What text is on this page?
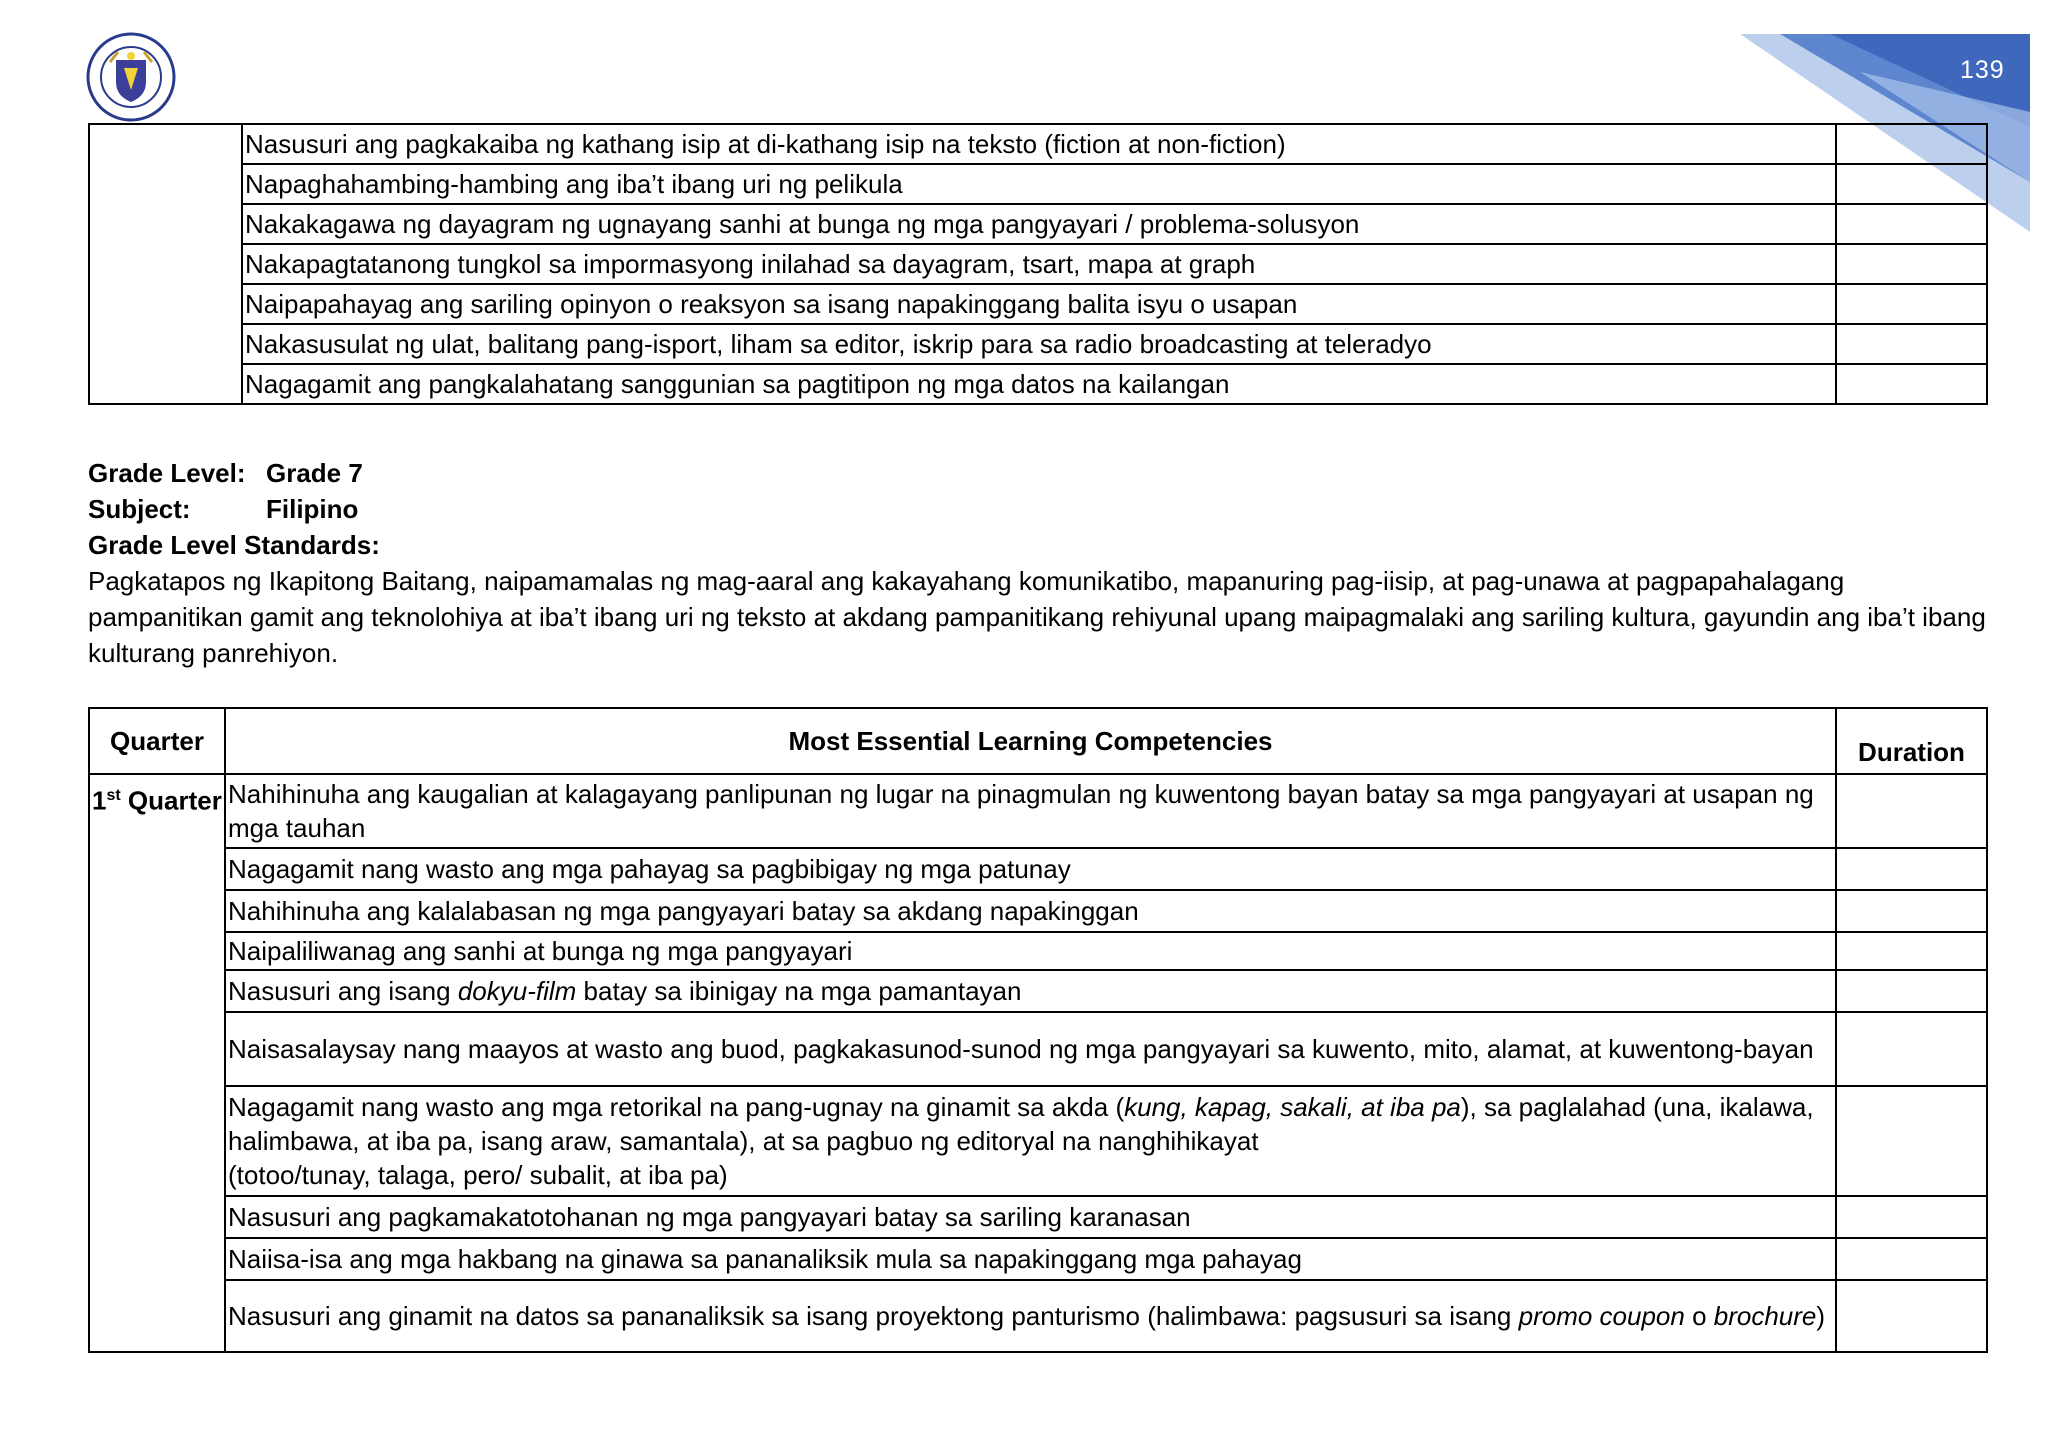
139
	Nasusuri ang pagkakaiba ng kathang isip at di-kathang isip na teksto (fiction at non-fiction)	
	Napaghahambing-hambing ang iba’t ibang uri ng pelikula	
	Nakakagawa ng dayagram ng ugnayang sanhi at bunga ng mga pangyayari / problema-solusyon	
	Nakapagtatanong tungkol sa impormasyong inilahad sa dayagram, tsart, mapa at graph	
	Naipapahayag ang sariling opinyon o reaksyon sa isang napakinggang balita isyu o usapan	
	Nakasusulat ng ulat, balitang pang-isport, liham sa editor, iskrip para sa radio broadcasting at teleradyo	
	Nagagamit ang pangkalahatang sanggunian sa pagtitipon ng mga datos na kailangan	
Grade Level: Grade 7
Subject:	Filipino
Grade Level Standards:

Pagkatapos ng Ikapitong Baitang, naipamamalas ng mag-aaral ang kakayahang komunikatibo, mapanuring pag-iisip, at pag-unawa at pagpapahalagang pampanitikan gamit ang teknolohiya at iba’t ibang uri ng teksto at akdang pampanitikang rehiyunal upang maipagmalaki ang sariling kultura, gayundin ang iba’t ibang kulturang panrehiyon.

Quarter	Most Essential Learning Competencies	Duration
1st Quarter	Nahihinuha ang kaugalian at kalagayang panlipunan ng lugar na pinagmulan ng kuwentong bayan batay sa mga pangyayari at usapan ng mga tauhan	
	Nagagamit nang wasto ang mga pahayag sa pagbibigay ng mga patunay	
	Nahihinuha ang kalalabasan ng mga pangyayari batay sa akdang napakinggan	
	Naipaliliwanag ang sanhi at bunga ng mga pangyayari	
	Nasusuri ang isang dokyu-film batay sa ibinigay na mga pamantayan	
	Naisasalaysay nang maayos at wasto ang buod, pagkakasunod-sunod ng mga pangyayari sa kuwento, mito, alamat, at kuwentong-bayan	
	Nagagamit nang wasto ang mga retorikal na pang-ugnay na ginamit sa akda (kung, kapag, sakali, at iba pa), sa paglalahad (una, ikalawa, halimbawa, at iba pa, isang araw, samantala), at sa pagbuo ng editoryal na nanghihikayat
(totoo/tunay, talaga, pero/ subalit, at iba pa)	
	Nasusuri ang pagkamakatotohanan ng mga pangyayari batay sa sariling karanasan	
	Naiisa-isa ang mga hakbang na ginawa sa pananaliksik mula sa napakinggang mga pahayag	
	Nasusuri ang ginamit na datos sa pananaliksik sa isang proyektong panturismo (halimbawa: pagsusuri sa isang promo coupon o brochure)	
